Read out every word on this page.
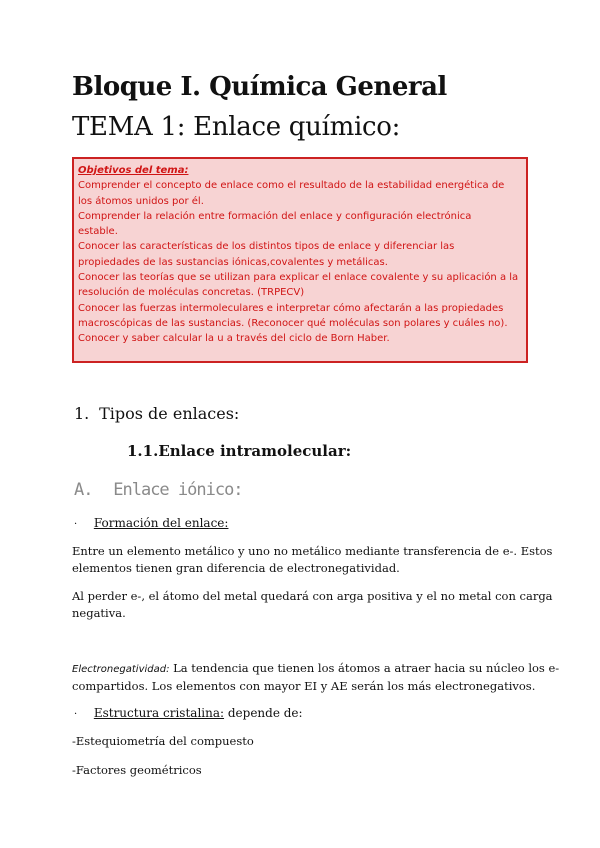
Bloque I. Química General
TEMA 1: Enlace químico:
Objetivos del tema:
Comprender el concepto de enlace como el resultado de la estabilidad energética de
los átomos unidos por él.
Comprender la relación entre formación del enlace y configuración electrónica
estable.
Conocer las características de los distintos tipos de enlace y diferenciar las
propiedades de las sustancias iónicas,covalentes y metálicas.
Conocer las teorías que se utilizan para explicar el enlace covalente y su aplicación a la
resolución de moléculas concretas. (TRPECV)
Conocer las fuerzas intermoleculares e interpretar cómo afectarán a las propiedades
macroscópicas de las sustancias. (Reconocer qué moléculas son polares y cuáles no).
Conocer y saber calcular la u a través del ciclo de Born Haber.
1. Tipos de enlaces:
1.1.Enlace intramolecular:
A. Enlace iónico:
· Formación del enlace:
Entre un elemento metálico y uno no metálico mediante transferencia de e-. Estos
elementos tienen gran diferencia de electronegatividad.
Al perder e-, el átomo del metal quedará con arga positiva y el no metal con carga
negativa.
Electronegatividad: La tendencia que tienen los átomos a atraer hacia su núcleo los e-
compartidos. Los elementos con mayor EI y AE serán los más electronegativos.
· Estructura cristalina: depende de:
-Estequiometría del compuesto
-Factores geométricos
